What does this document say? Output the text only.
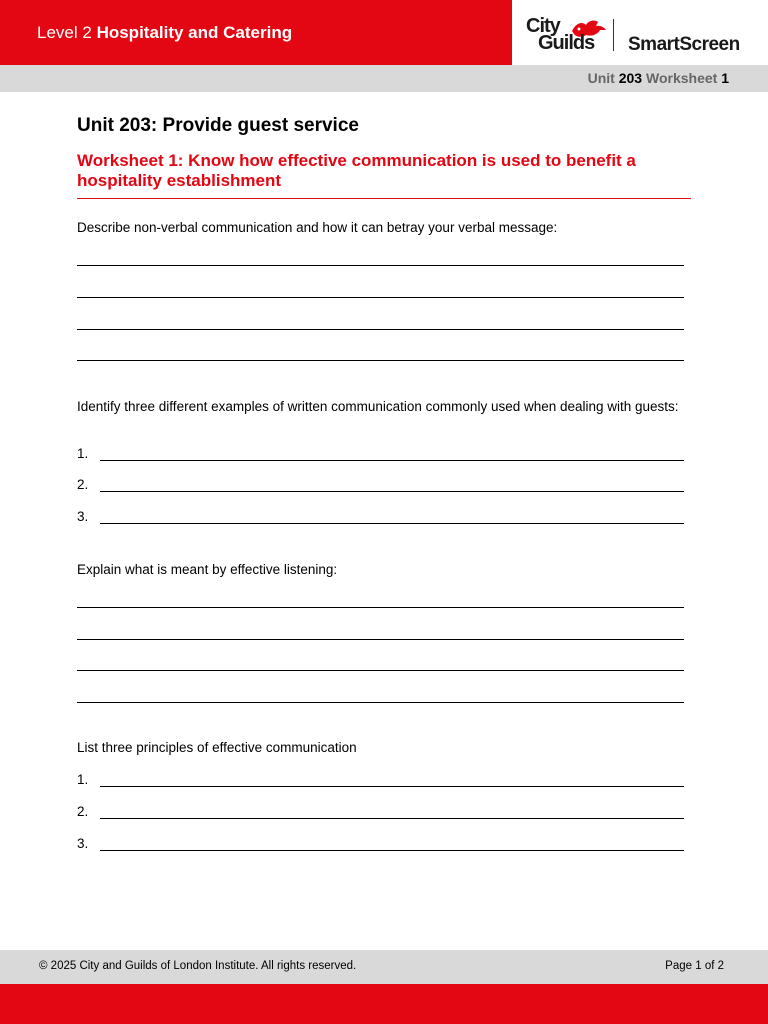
Level 2 Hospitality and Catering	City
Guilds SmartScreen
Unit 203 Worksheet 1
Unit 203: Provide guest service
Worksheet 1: Know how effective communication is used to benefit a hospitality establishment
Describe non-verbal communication and how it can betray your verbal message:
Identify three different examples of written communication commonly used when dealing with guests:
1.
2.
3.
Explain what is meant by effective listening:
List three principles of effective communication
1.
2.
3.
© 2025 City and Guilds of London Institute. All rights reserved.	Page 1 of 2
